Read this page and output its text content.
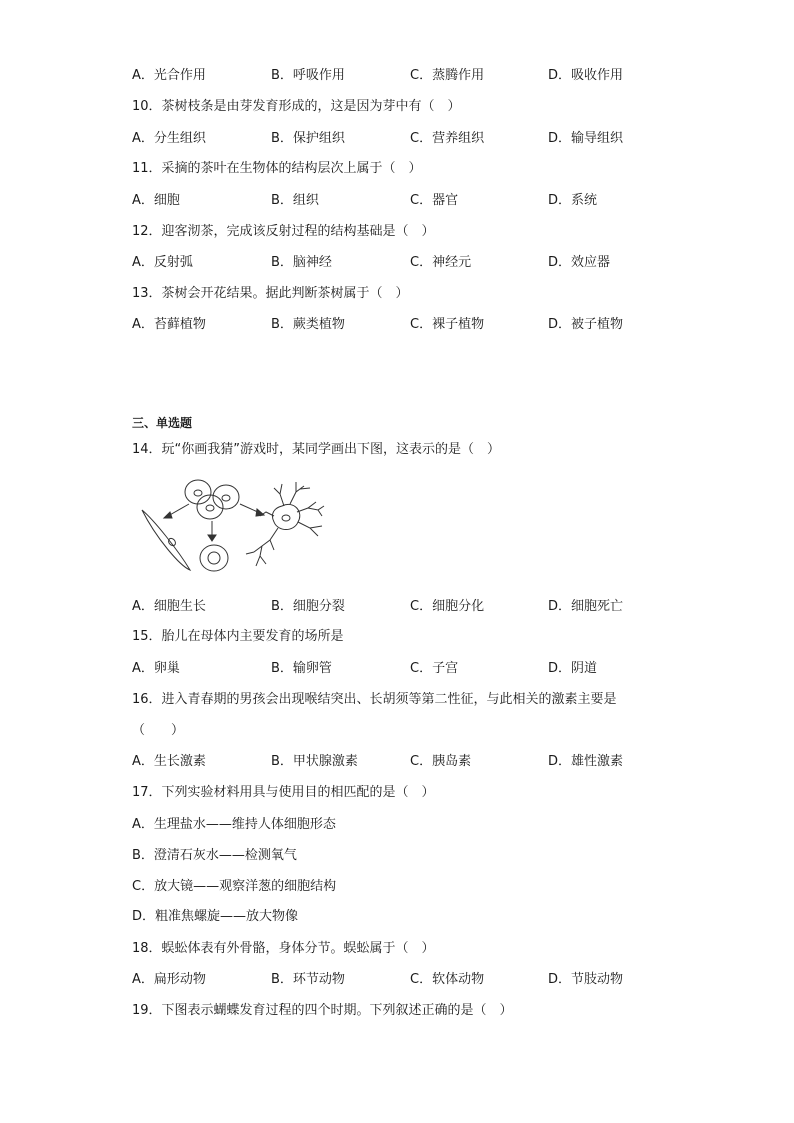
A．光合作用	B．呼吸作用	C．蒸腾作用	D．吸收作用
10．茶树枝条是由芽发育形成的，这是因为芽中有（　）
A．分生组织	B．保护组织	C．营养组织	D．输导组织
11．采摘的茶叶在生物体的结构层次上属于（　）
A．细胞	B．组织	C．器官	D．系统
12．迎客沏茶，完成该反射过程的结构基础是（　）
A．反射弧	B．脑神经	C．神经元	D．效应器
13．茶树会开花结果。据此判断茶树属于（　）
A．苔藓植物	B．蕨类植物	C．裸子植物	D．被子植物
三、单选题
14．玩“你画我猜”游戏时，某同学画出下图，这表示的是（　）
A．细胞生长	B．细胞分裂	C．细胞分化	D．细胞死亡
15．胎儿在母体内主要发育的场所是
A．卵巢	B．输卵管	C．子宫	D．阴道
16．进入青春期的男孩会出现喉结突出、长胡须等第二性征，与此相关的激素主要是
（　　）
A．生长激素	B．甲状腺激素	C．胰岛素	D．雄性激素
17．下列实验材料用具与使用目的相匹配的是（　）
A．生理盐水——维持人体细胞形态
B．澄清石灰水——检测氧气
C．放大镜——观察洋葱的细胞结构
D．粗准焦螺旋——放大物像
18．蜈蚣体表有外骨骼，身体分节。蜈蚣属于（　）
A．扁形动物	B．环节动物	C．软体动物	D．节肢动物
19．下图表示蝴蝶发育过程的四个时期。下列叙述正确的是（　）
